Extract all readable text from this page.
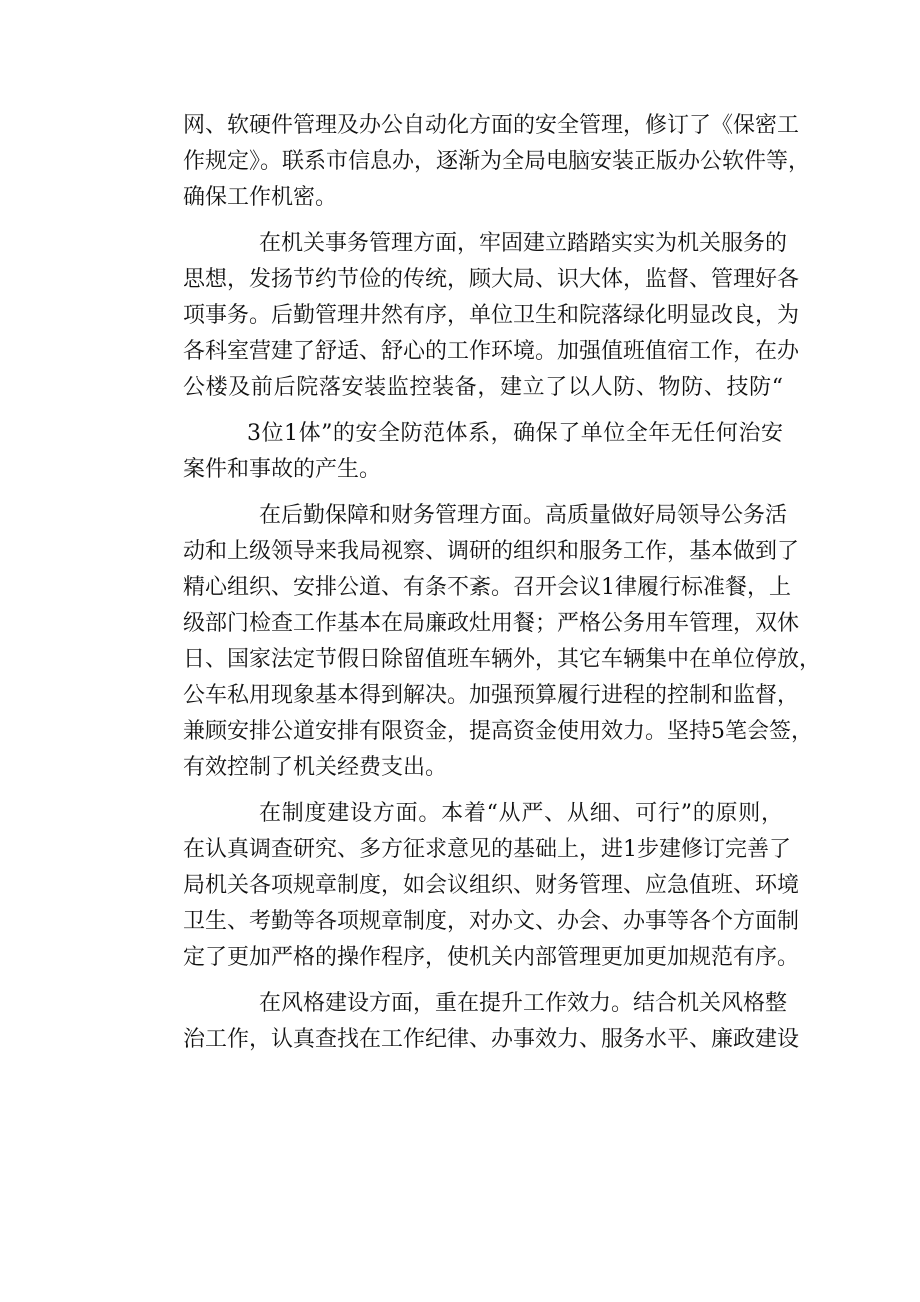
网、软硬件管理及办公自动化方面的安全管理，修订了《保密工
作规定》。联系市信息办，逐渐为全局电脑安装正版办公软件等，
确保工作机密。
在机关事务管理方面，牢固建立踏踏实实为机关服务的
思想，发扬节约节俭的传统，顾大局、识大体，监督、管理好各
项事务。后勤管理井然有序，单位卫生和院落绿化明显改良，为
各科室营建了舒适、舒心的工作环境。加强值班值宿工作，在办
公楼及前后院落安装监控装备，建立了以人防、物防、技防“
3位1体”的安全防范体系，确保了单位全年无任何治安
案件和事故的产生。
在后勤保障和财务管理方面。高质量做好局领导公务活
动和上级领导来我局视察、调研的组织和服务工作，基本做到了
精心组织、安排公道、有条不紊。召开会议1律履行标准餐，上
级部门检查工作基本在局廉政灶用餐；严格公务用车管理，双休
日、国家法定节假日除留值班车辆外，其它车辆集中在单位停放，
公车私用现象基本得到解决。加强预算履行进程的控制和监督，
兼顾安排公道安排有限资金，提高资金使用效力。坚持5笔会签，
有效控制了机关经费支出。
在制度建设方面。本着“从严、从细、可行”的原则，
在认真调查研究、多方征求意见的基础上，进1步建修订完善了
局机关各项规章制度，如会议组织、财务管理、应急值班、环境
卫生、考勤等各项规章制度，对办文、办会、办事等各个方面制
定了更加严格的操作程序，使机关内部管理更加更加规范有序。
在风格建设方面，重在提升工作效力。结合机关风格整
治工作，认真查找在工作纪律、办事效力、服务水平、廉政建设
